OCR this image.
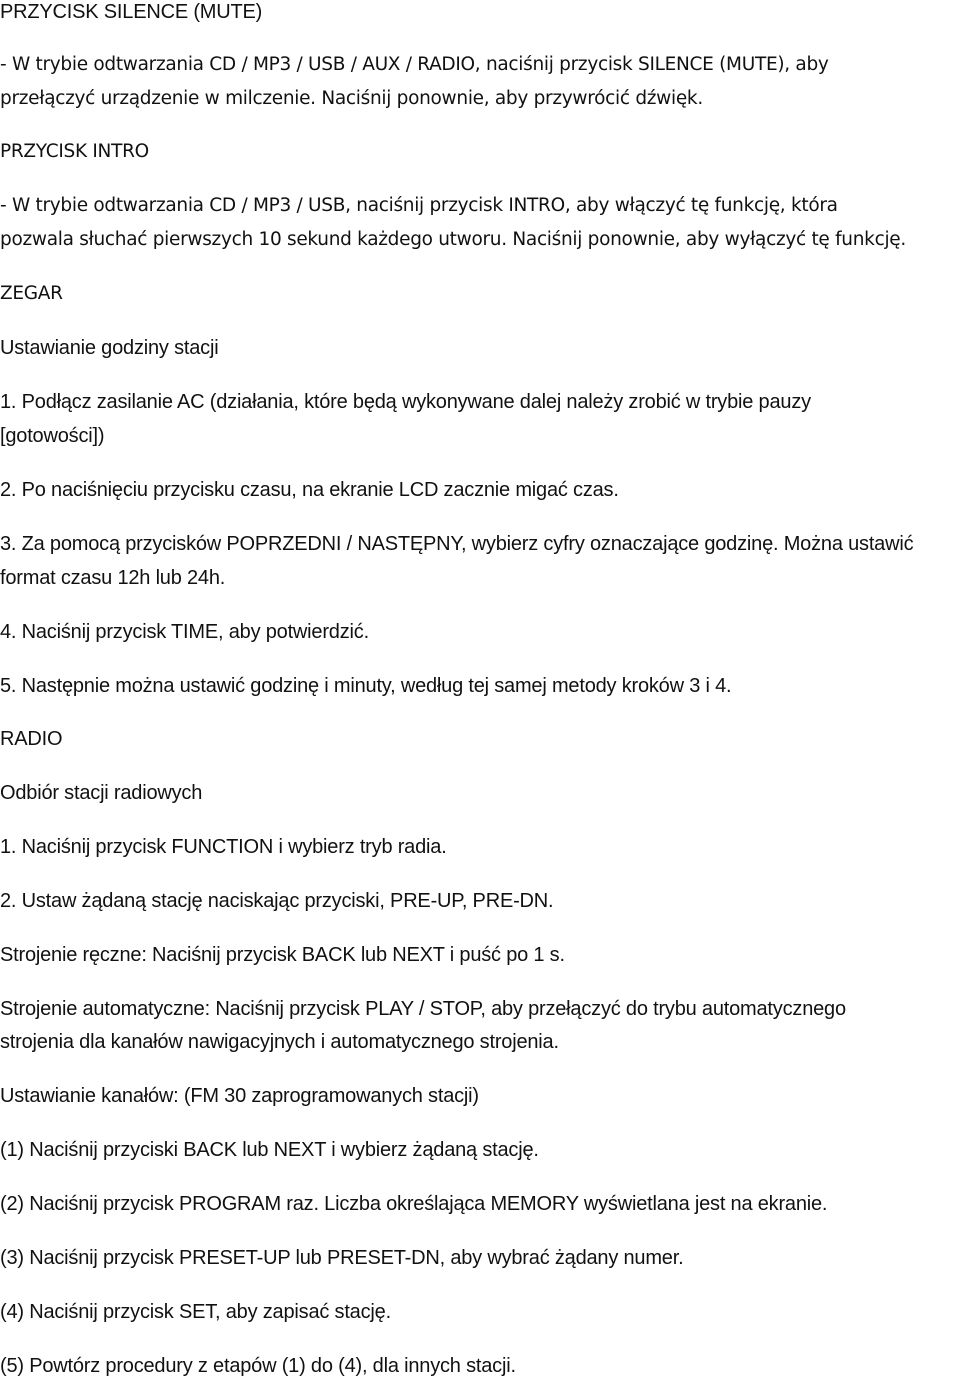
PRZYCISK SILENCE (MUTE)

- W trybie odtwarzania CD / MP3 / USB / AUX / RADIO, naciśnij przycisk SILENCE (MUTE), aby

przełączyć urządzenie w milczenie. Naciśnij ponownie, aby przywrócić dźwięk.

PRZYCISK INTRO

- W trybie odtwarzania CD / MP3 / USB, naciśnij przycisk INTRO, aby włączyć tę funkcję, która

pozwala słuchać pierwszych 10 sekund każdego utworu. Naciśnij ponownie, aby wyłączyć tę funkcję.

ZEGAR

Ustawianie godziny stacji

1. Podłącz zasilanie AC (działania, które będą wykonywane dalej należy zrobić w trybie pauzy

[gotowości])

2. Po naciśnięciu przycisku czasu, na ekranie LCD zacznie migać czas.

3. Za pomocą przycisków POPRZEDNI / NASTĘPNY, wybierz cyfry oznaczające godzinę. Można ustawić

format czasu 12h lub 24h.

4. Naciśnij przycisk TIME, aby potwierdzić.

5. Następnie można ustawić godzinę i minuty, według tej samej metody kroków 3 i 4.

RADIO

Odbiór stacji radiowych

1. Naciśnij przycisk FUNCTION i wybierz tryb radia.

2. Ustaw żądaną stację naciskając przyciski, PRE-UP, PRE-DN.

Strojenie ręczne: Naciśnij przycisk BACK lub NEXT i puść po 1 s.

Strojenie automatyczne: Naciśnij przycisk PLAY / STOP, aby przełączyć do trybu automatycznego

strojenia dla kanałów nawigacyjnych i automatycznego strojenia.

Ustawianie kanałów: (FM 30 zaprogramowanych stacji)

(1) Naciśnij przyciski BACK lub NEXT i wybierz żądaną stację.

(2) Naciśnij przycisk PROGRAM raz. Liczba określająca MEMORY wyświetlana jest na ekranie.

(3) Naciśnij przycisk PRESET-UP lub PRESET-DN, aby wybrać żądany numer.

(4) Naciśnij przycisk SET, aby zapisać stację.

(5) Powtórz procedury z etapów (1) do (4), dla innych stacji.
